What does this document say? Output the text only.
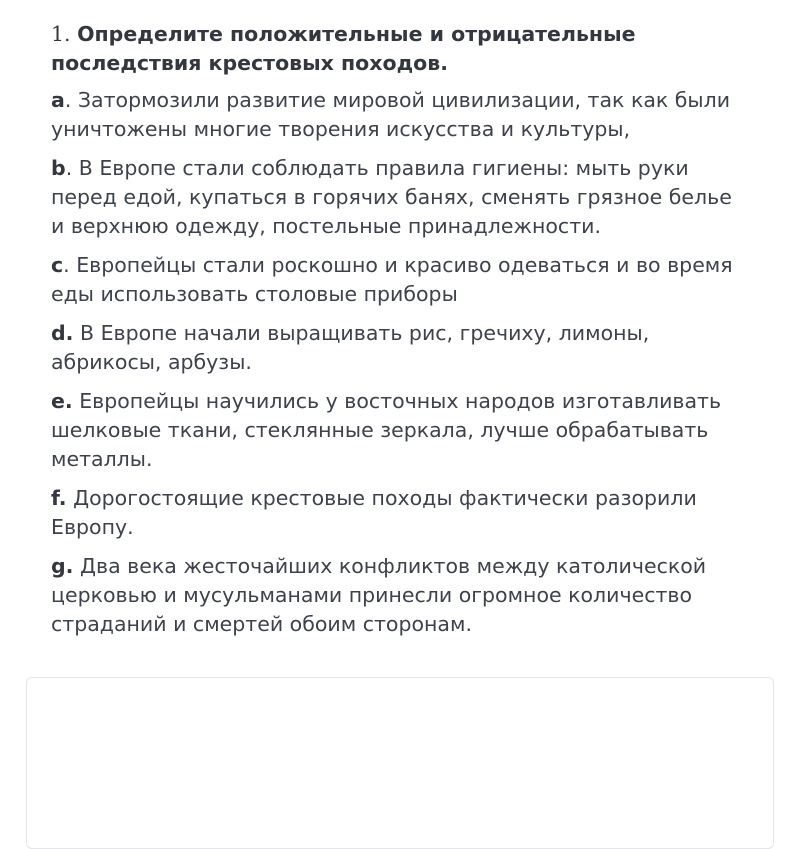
1. Определите положительные и отрицательные последствия крестовых походов.

a. Затормозили развитие мировой цивилизации, так как были уничтожены многие творения искусства и культуры,

b. В Европе стали соблюдать правила гигиены: мыть руки перед едой, купаться в горячих банях, сменять грязное белье и верхнюю одежду, постельные принадлежности.

c. Европейцы стали роскошно и красиво одеваться и во время еды использовать столовые приборы

d. В Европе начали выращивать рис, гречиху, лимоны, абрикосы, арбузы.

e. Европейцы научились у восточных народов изготавливать шелковые ткани, стеклянные зеркала, лучше обрабатывать металлы.

f. Дорогостоящие крестовые походы фактически разорили Европу.

g. Два века жесточайших конфликтов между католической церковью и мусульманами принесли огромное количество страданий и смертей обоим сторонам.
